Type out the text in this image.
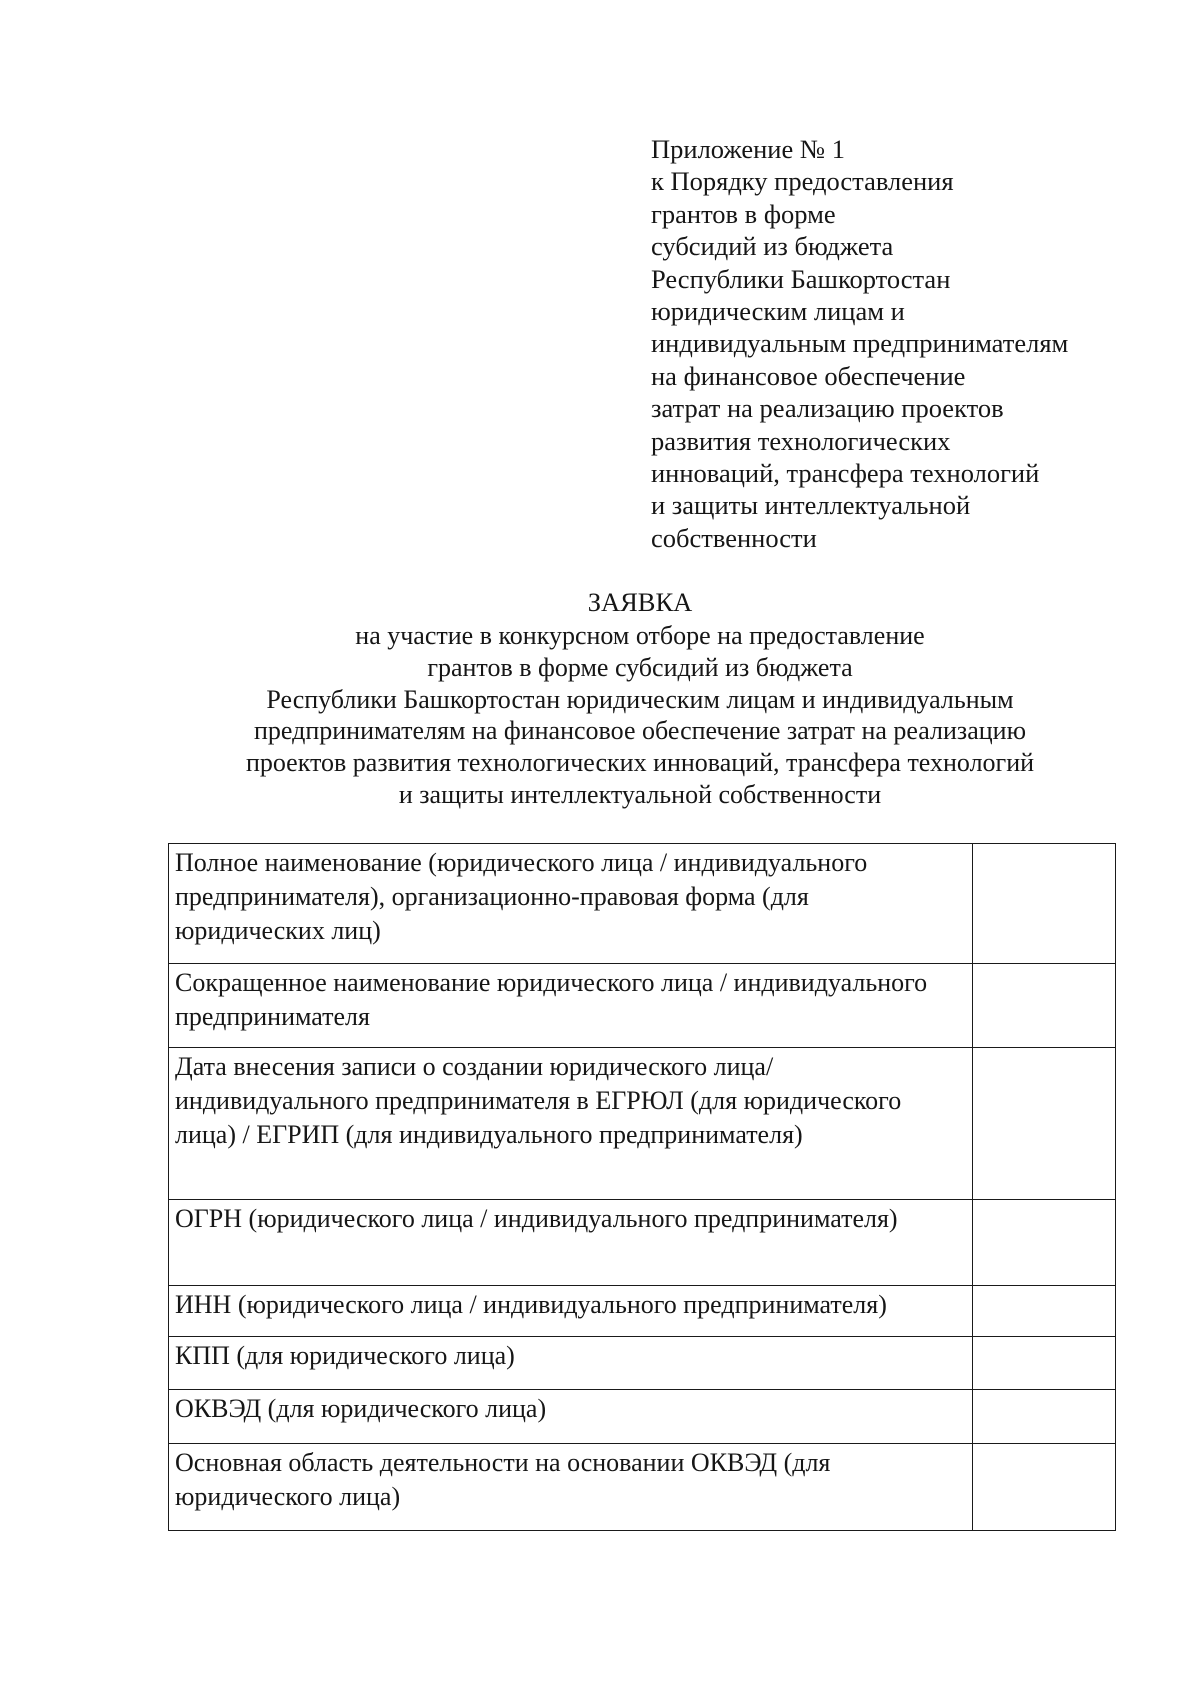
Приложение № 1
к Порядку предоставления
грантов в форме
субсидий из бюджета
Республики Башкортостан
юридическим лицам и
индивидуальным предпринимателям
на финансовое обеспечение
затрат на реализацию проектов
развития технологических
инноваций, трансфера технологий
и защиты интеллектуальной
собственности
ЗАЯВКА
на участие в конкурсном отборе на предоставление
грантов в форме субсидий из бюджета
Республики Башкортостан юридическим лицам и индивидуальным
предпринимателям на финансовое обеспечение затрат на реализацию
проектов развития технологических инноваций, трансфера технологий
и защиты интеллектуальной собственности
Полное наименование (юридического лица / индивидуального предпринимателя), организационно-правовая форма (для юридических лиц)	

Сокращенное наименование юридического лица / индивидуального предпринимателя	

Дата внесения записи о создании юридического лица/ индивидуального предпринимателя в ЕГРЮЛ (для юридического лица) / ЕГРИП (для индивидуального предпринимателя)	

ОГРН (юридического лица / индивидуального предпринимателя)	

ИНН (юридического лица / индивидуального предпринимателя)	

КПП (для юридического лица)	

ОКВЭД (для юридического лица)	

Основная область деятельности на основании ОКВЭД (для юридического лица)	
